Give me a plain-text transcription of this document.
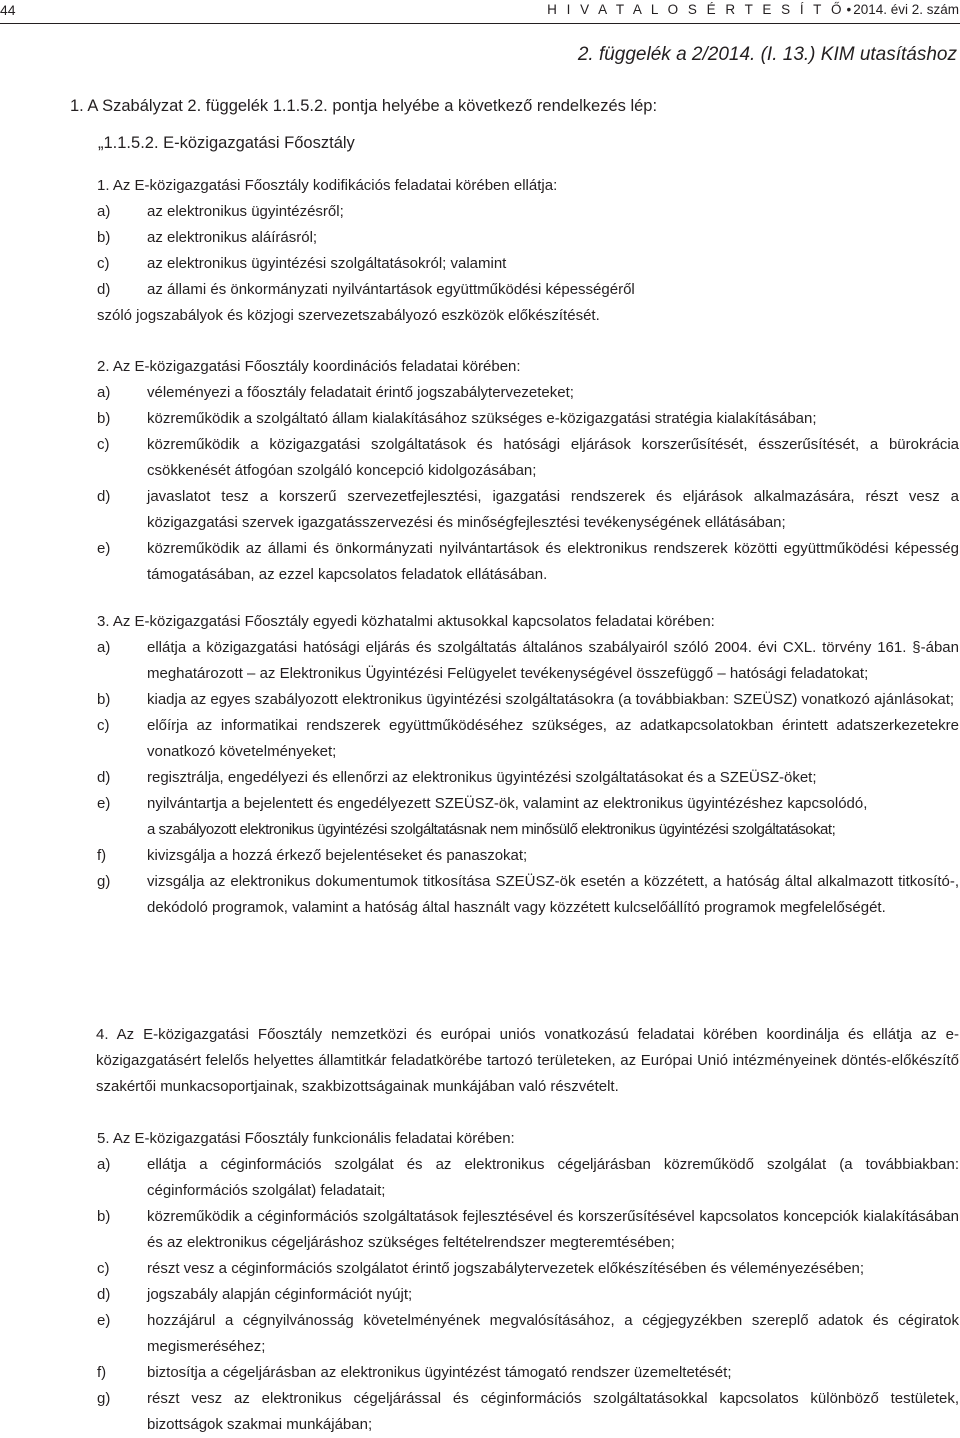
44	H I V A T A L O S É R T E S Í T Ő • 2014. évi 2. szám
2. függelék a 2/2014. (I. 13.) KIM utasításhoz
1. A Szabályzat 2. függelék 1.1.5.2. pontja helyébe a következő rendelkezés lép:
„1.1.5.2. E-közigazgatási Főosztály

1. Az E-közigazgatási Főosztály kodifikációs feladatai körében ellátja:

a)	az elektronikus ügyintézésről;
b)	az elektronikus aláírásról;
c)	az elektronikus ügyintézési szolgáltatásokról; valamint
d)	az állami és önkormányzati nyilvántartások együttműködési képességéről

szóló jogszabályok és közjogi szervezetszabályozó eszközök előkészítését.

2. Az E-közigazgatási Főosztály koordinációs feladatai körében:

a)	véleményezi a főosztály feladatait érintő jogszabálytervezeteket;
b)	közreműködik a szolgáltató állam kialakításához szükséges e-közigazgatási stratégia kialakításában;
c)	közreműködik a közigazgatási szolgáltatások és hatósági eljárások korszerűsítését, ésszerűsítését, a bürokrácia csökkenését átfogóan szolgáló koncepció kidolgozásában;
d)	javaslatot tesz a korszerű szervezetfejlesztési, igazgatási rendszerek és eljárások alkalmazására, részt vesz a közigazgatási szervek igazgatásszervezési és minőségfejlesztési tevékenységének ellátásában;
e)	közreműködik az állami és önkormányzati nyilvántartások és elektronikus rendszerek közötti együttműködési képesség támogatásában, az ezzel kapcsolatos feladatok ellátásában.

3. Az E-közigazgatási Főosztály egyedi közhatalmi aktusokkal kapcsolatos feladatai körében:

a)	ellátja a közigazgatási hatósági eljárás és szolgáltatás általános szabályairól szóló 2004. évi CXL. törvény 161. §-ában meghatározott – az Elektronikus Ügyintézési Felügyelet tevékenységével összefüggő – hatósági feladatokat;
b)	kiadja az egyes szabályozott elektronikus ügyintézési szolgáltatásokra (a továbbiakban: SZEÜSZ) vonatkozó ajánlásokat;
c)	előírja az informatikai rendszerek együttműködéséhez szükséges, az adatkapcsolatokban érintett adatszerkezetekre vonatkozó követelményeket;
d)	regisztrálja, engedélyezi és ellenőrzi az elektronikus ügyintézési szolgáltatásokat és a SZEÜSZ-öket;
e)	nyilvántartja a bejelentett és engedélyezett SZEÜSZ-ök, valamint az elektronikus ügyintézéshez kapcsolódó,
a szabályozott elektronikus ügyintézési szolgáltatásnak nem minősülő elektronikus ügyintézési szolgáltatásokat;
f)	kivizsgálja a hozzá érkező bejelentéseket és panaszokat;
g)	vizsgálja az elektronikus dokumentumok titkosítása SZEÜSZ-ök esetén a közzétett, a hatóság által alkalmazott titkosító-, dekódoló programok, valamint a hatóság által használt vagy közzétett kulcselőállító programok megfelelőségét.

4. Az E-közigazgatási Főosztály nemzetközi és európai uniós vonatkozású feladatai körében koordinálja és ellátja az e-közigazgatásért felelős helyettes államtitkár feladatkörébe tartozó területeken, az Európai Unió intézményeinek döntés-előkészítő szakértői munkacsoportjainak, szakbizottságainak munkájában való részvételt.

5. Az E-közigazgatási Főosztály funkcionális feladatai körében:

a)	ellátja a céginformációs szolgálat és az elektronikus cégeljárásban közreműködő szolgálat (a továbbiakban: céginformációs szolgálat) feladatait;
b)	közreműködik a céginformációs szolgáltatások fejlesztésével és korszerűsítésével kapcsolatos koncepciók kialakításában és az elektronikus cégeljáráshoz szükséges feltételrendszer megteremtésében;
c)	részt vesz a céginformációs szolgálatot érintő jogszabálytervezetek előkészítésében és véleményezésében;
d)	jogszabály alapján céginformációt nyújt;
e)	hozzájárul a cégnyilvánosság követelményének megvalósításához, a cégjegyzékben szereplő adatok és cégiratok megismeréséhez;
f)	biztosítja a cégeljárásban az elektronikus ügyintézést támogató rendszer üzemeltetését;
g)	részt vesz az elektronikus cégeljárással és céginformációs szolgáltatásokkal kapcsolatos különböző testületek, bizottságok szakmai munkájában;
